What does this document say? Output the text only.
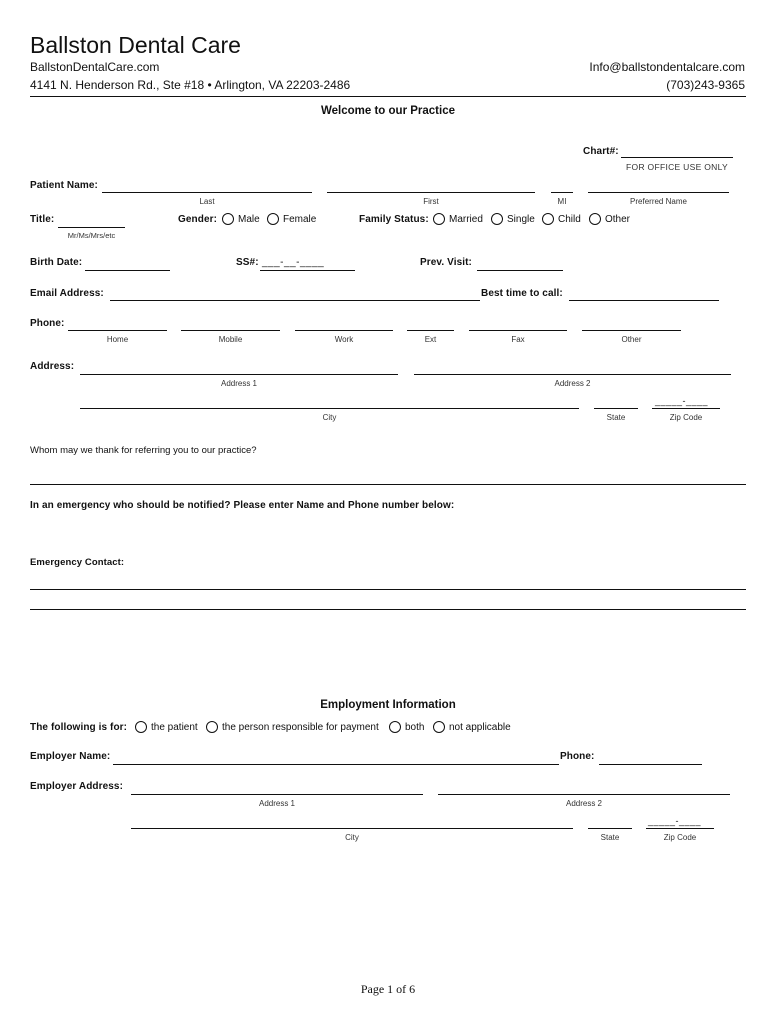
Ballston Dental Care
BallstonDentalCare.com	Info@ballstondentalcare.com
4141 N. Henderson Rd., Ste #18 • Arlington, VA 22203-2486	(703)243-9365
Welcome to our Practice
Chart#:
FOR OFFICE USE ONLY
Patient Name:
Last	First	MI	Preferred Name
Title:
Mr/Ms/Mrs/etc
Gender: Male Female	Family Status: Married Single Child Other
Birth Date:	SS#: ___-__-____	Prev. Visit:
Email Address:	Best time to call:
Phone:
Home	Mobile	Work	Ext	Fax	Other
Address:
Address 1	Address 2
_____-____
City	State	Zip Code
Whom may we thank for referring you to our practice?
In an emergency who should be notified? Please enter Name and Phone number below:
Emergency Contact:
Employment Information
The following is for: the patient the person responsible for payment	both not applicable
Employer Name:	Phone:
Employer Address:
Address 1	Address 2
_____-____
City	State	Zip Code
Page 1 of 6
